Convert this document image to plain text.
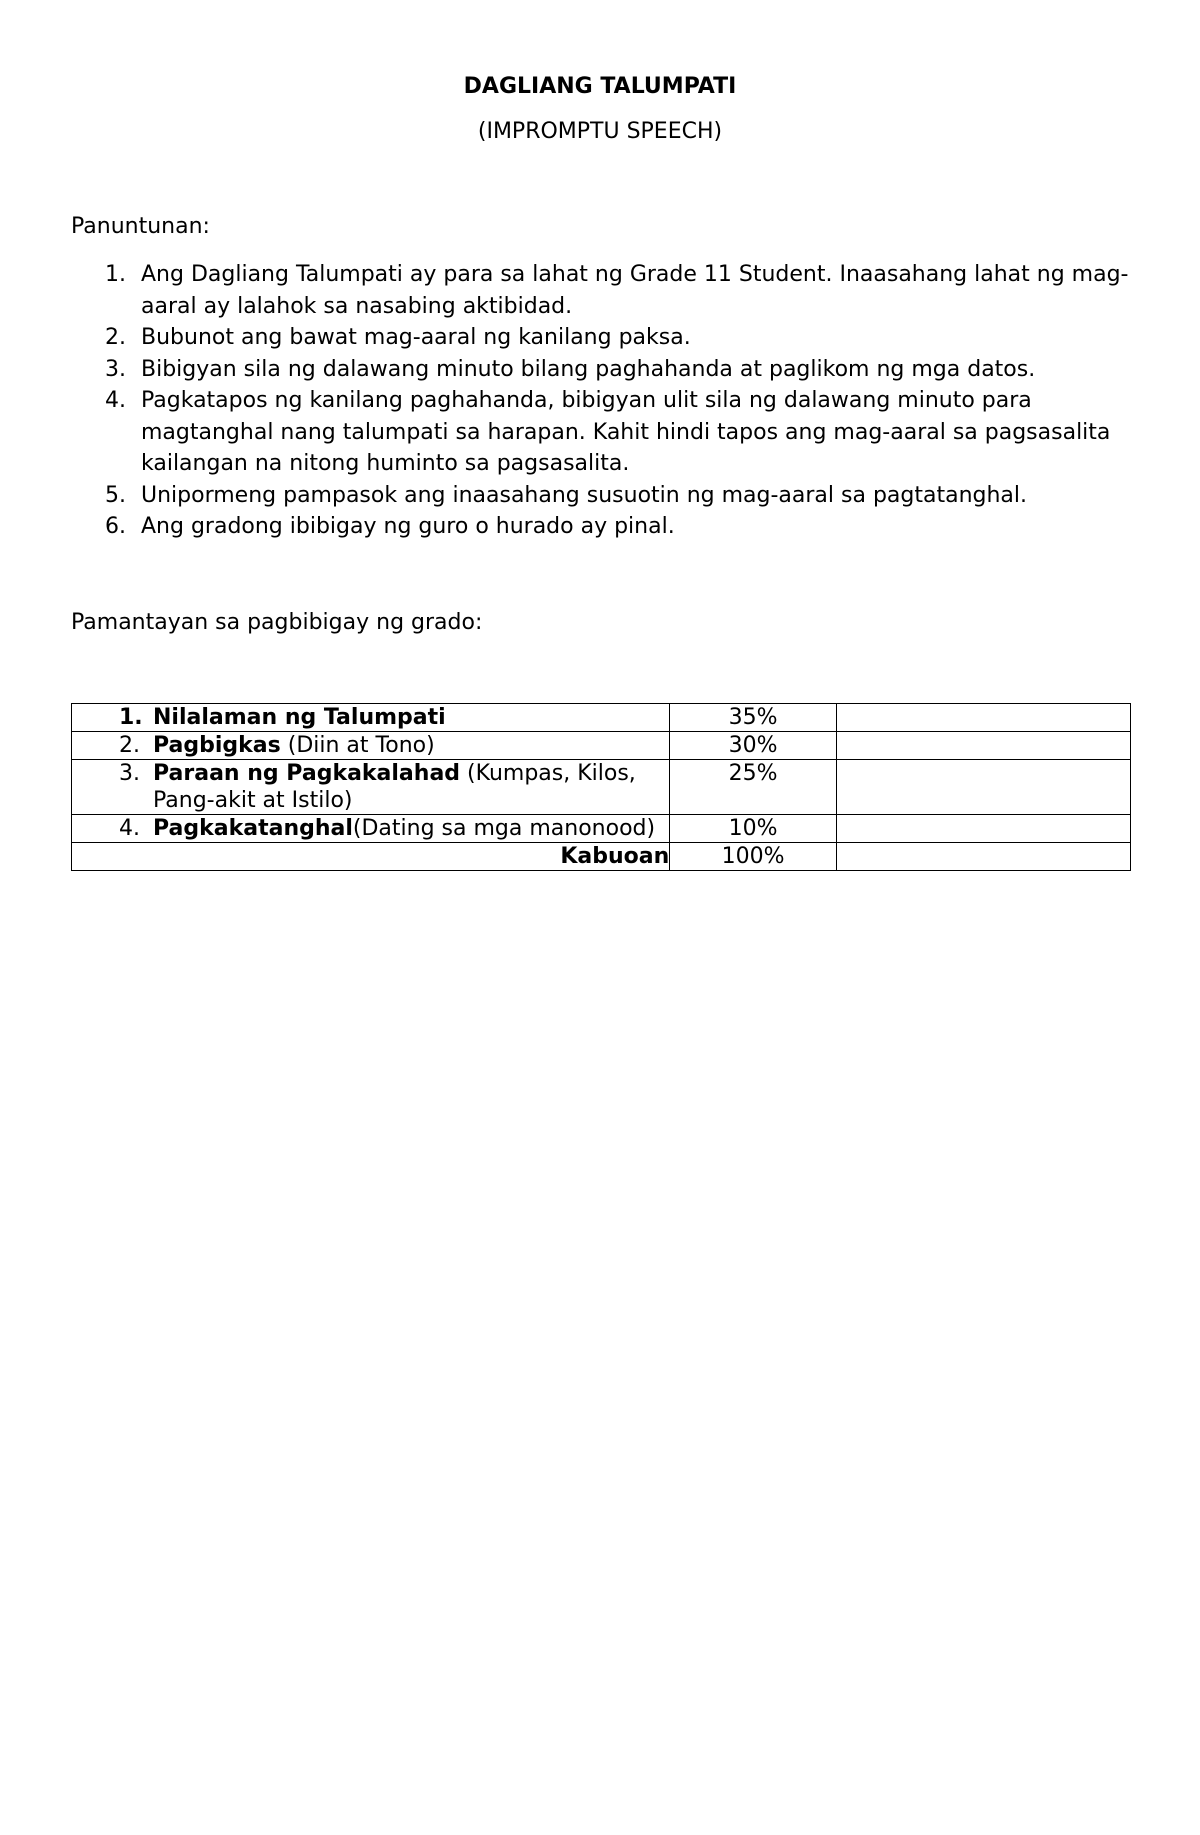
DAGLIANG TALUMPATI
(IMPROMPTU SPEECH)
Panuntunan:
1. Ang Dagliang Talumpati ay para sa lahat ng Grade 11 Student. Inaasahang lahat ng mag-aaral ay lalahok sa nasabing aktibidad.
2. Bubunot ang bawat mag-aaral ng kanilang paksa.
3. Bibigyan sila ng dalawang minuto bilang paghahanda at paglikom ng mga datos.
4. Pagkatapos ng kanilang paghahanda, bibigyan ulit sila ng dalawang minuto para magtanghal nang talumpati sa harapan. Kahit hindi tapos ang mag-aaral sa pagsasalita kailangan na nitong huminto sa pagsasalita.
5. Unipormeng pampasok ang inaasahang susuotin ng mag-aaral sa pagtatanghal.
6. Ang gradong ibibigay ng guro o hurado ay pinal.
Pamantayan sa pagbibigay ng grado:
1. Nilalaman ng Talumpati	35%	

2. Pagbigkas (Diin at Tono)	30%	

3. Paraan ng Pagkakalahad (Kumpas, Kilos, Pang-akit at Istilo)	25%	

4. Pagkakatanghal(Dating sa mga manonood)	10%	
Kabuoan	100%	
